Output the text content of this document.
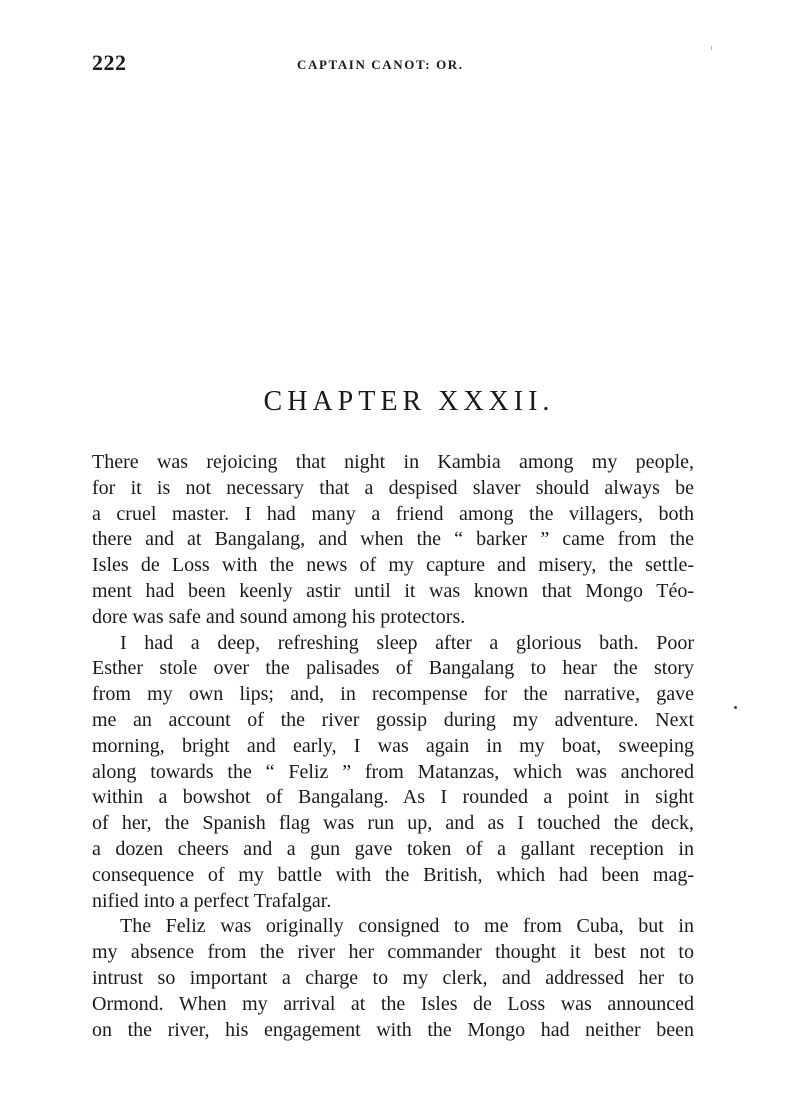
222	CAPTAIN CANOT: OR.
CHAPTER XXXII.
There was rejoicing that night in Kambia among my people,
for it is not necessary that a despised slaver should always be
a cruel master. I had many a friend among the villagers, both
there and at Bangalang, and when the “ barker ” came from the
Isles de Loss with the news of my capture and misery, the settle-
ment had been keenly astir until it was known that Mongo Téo-
dore was safe and sound among his protectors.
I had a deep, refreshing sleep after a glorious bath. Poor
Esther stole over the palisades of Bangalang to hear the story
from my own lips; and, in recompense for the narrative, gave
me an account of the river gossip during my adventure. Next
morning, bright and early, I was again in my boat, sweeping
along towards the “ Feliz ” from Matanzas, which was anchored
within a bowshot of Bangalang. As I rounded a point in sight
of her, the Spanish flag was run up, and as I touched the deck,
a dozen cheers and a gun gave token of a gallant reception in
consequence of my battle with the British, which had been mag-
nified into a perfect Trafalgar.
The Feliz was originally consigned to me from Cuba, but in
my absence from the river her commander thought it best not to
intrust so important a charge to my clerk, and addressed her to
Ormond. When my arrival at the Isles de Loss was announced
on the river, his engagement with the Mongo had neither been
